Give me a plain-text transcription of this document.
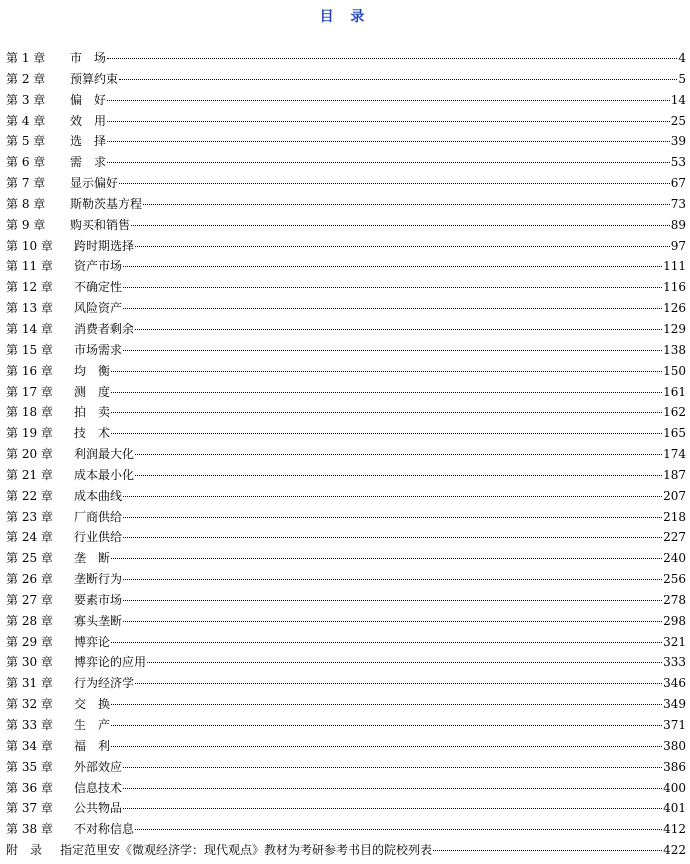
目 录
第 1 章	市　场	4
第 2 章	预算约束	5
第 3 章	偏　好	14
第 4 章	效　用	25
第 5 章	选　择	39
第 6 章	需　求	53
第 7 章	显示偏好	67
第 8 章	斯勒茨基方程	73
第 9 章	购买和销售	89
第 10 章	跨时期选择	97
第 11 章	资产市场	111
第 12 章	不确定性	116
第 13 章	风险资产	126
第 14 章	消费者剩余	129
第 15 章	市场需求	138
第 16 章	均　衡	150
第 17 章	测　度	161
第 18 章	拍　卖	162
第 19 章	技　术	165
第 20 章	利润最大化	174
第 21 章	成本最小化	187
第 22 章	成本曲线	207
第 23 章	厂商供给	218
第 24 章	行业供给	227
第 25 章	垄　断	240
第 26 章	垄断行为	256
第 27 章	要素市场	278
第 28 章	寡头垄断	298
第 29 章	博弈论	321
第 30 章	博弈论的应用	333
第 31 章	行为经济学	346
第 32 章	交　换	349
第 33 章	生　产	371
第 34 章	福　利	380
第 35 章	外部效应	386
第 36 章	信息技术	400
第 37 章	公共物品	401
第 38 章	不对称信息	412
附　录	指定范里安《微观经济学：现代观点》教材为考研参考书目的院校列表	422
